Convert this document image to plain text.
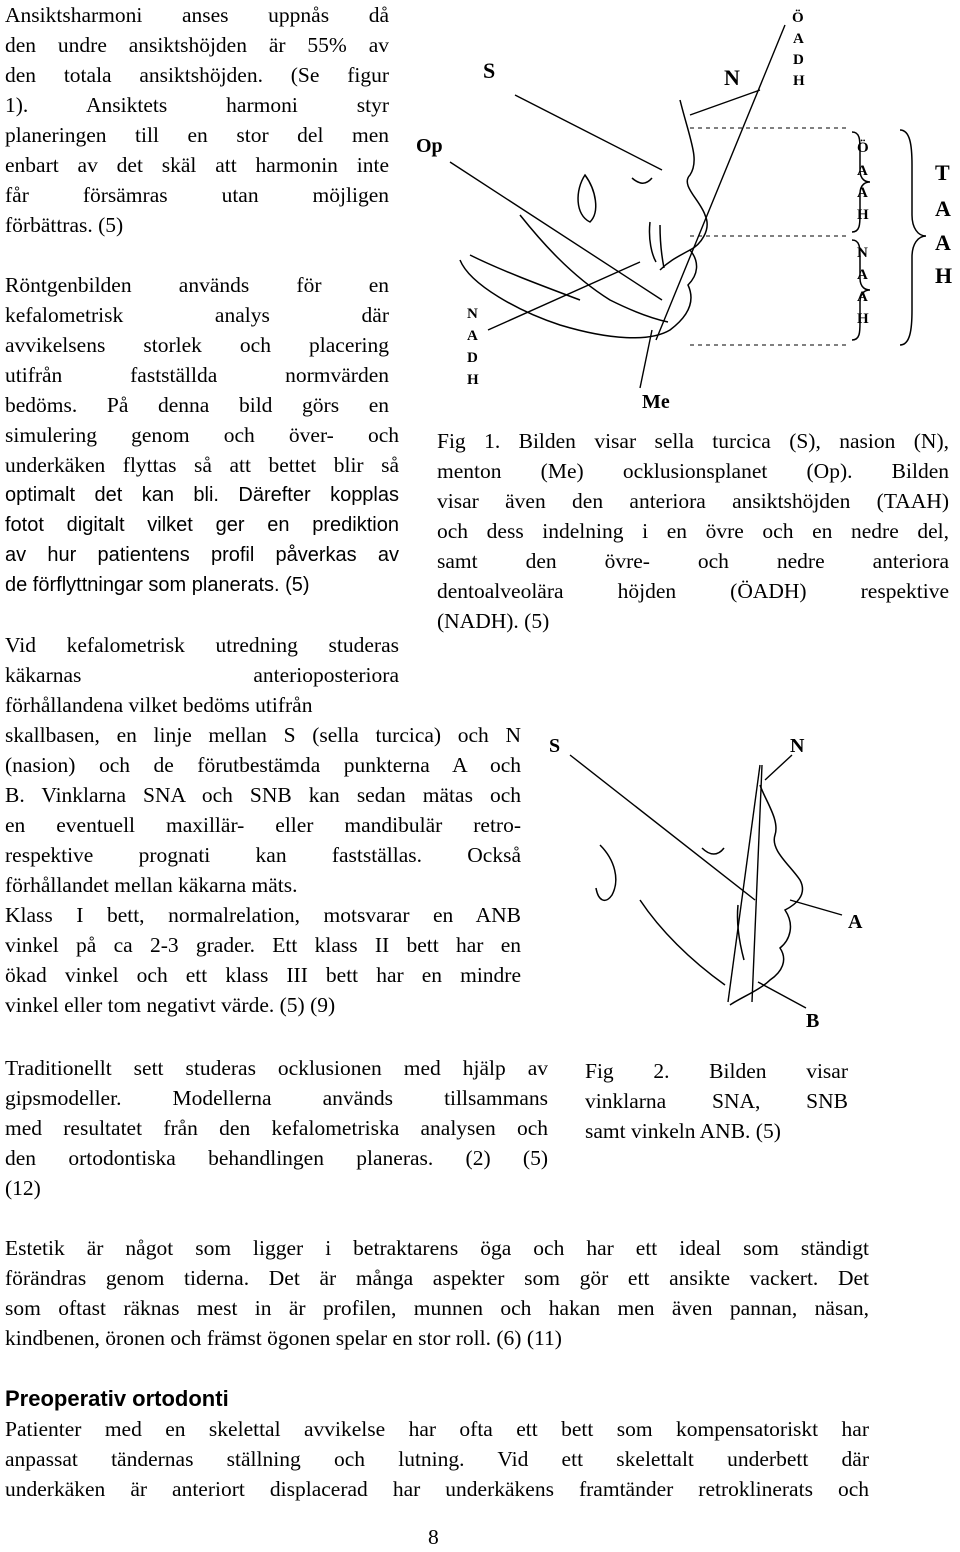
Ansiktsharmoni anses uppnås då
den undre ansiktshöjden är 55% av
den totala ansiktshöjden. (Se figur
1). Ansiktets harmoni styr
planeringen till en stor del men
enbart av det skäl att harmonin inte
får försämras utan möjligen
förbättras. (5)
Röntgenbilden används för en
kefalometrisk analys där
avvikelsens storlek och placering
utifrån fastställda normvärden
bedöms. På denna bild görs en
simulering genom och över- och
underkäken flyttas så att bettet blir så
optimalt det kan bli. Därefter kopplas
fotot digitalt vilket ger en prediktion
av hur patientens profil påverkas av
de förflyttningar som planerats. (5)
Vid kefalometrisk utredning studeras
käkarnas anterioposteriora
förhållandena vilket bedöms utifrån
skallbasen, en linje mellan S (sella turcica) och N
(nasion) och de förutbestämda punkterna A och
B. Vinklarna SNA och SNB kan sedan mätas och
en eventuell maxillär- eller mandibulär retro-
respektive prognati kan fastställas. Också
förhållandet mellan käkarna mäts.
Klass I bett, normalrelation, motsvarar en ANB
vinkel på ca 2-3 grader. Ett klass II bett har en
ökad vinkel och ett klass III bett har en mindre
vinkel eller tom negativt värde. (5) (9)
Traditionellt sett studeras ocklusionen med hjälp av
gipsmodeller. Modellerna används tillsammans
med resultatet från den kefalometriska analysen och
den ortodontiska behandlingen planeras. (2) (5)
(12)
S	N
Op
Me
Ö
A
D
H
Ö
A
A
H
N
A
A
H
N
A
D
H
T
A
A
H
Fig 1. Bilden visar sella turcica (S), nasion (N),
menton (Me) ocklusionsplanet (Op). Bilden
visar även den anteriora ansiktshöjden (TAAH)
och dess indelning i en övre och en nedre del,
samt den övre- och nedre anteriora
dentoalveolära höjden (ÖADH) respektive
(NADH). (5)
S	N
A
B
Fig 2. Bilden visar
vinklarna SNA, SNB
samt vinkeln ANB. (5)
Estetik är något som ligger i betraktarens öga och har ett ideal som ständigt
förändras genom tiderna. Det är många aspekter som gör ett ansikte vackert. Det
som oftast räknas mest in är profilen, munnen och hakan men även pannan, näsan,
kindbenen, öronen och främst ögonen spelar en stor roll. (6) (11)
Preoperativ ortodonti
Patienter med en skelettal avvikelse har ofta ett bett som kompensatoriskt har
anpassat tändernas ställning och lutning. Vid ett skelettalt underbett där
underkäken är anteriort displacerad har underkäkens framtänder retroklinerats och
8
